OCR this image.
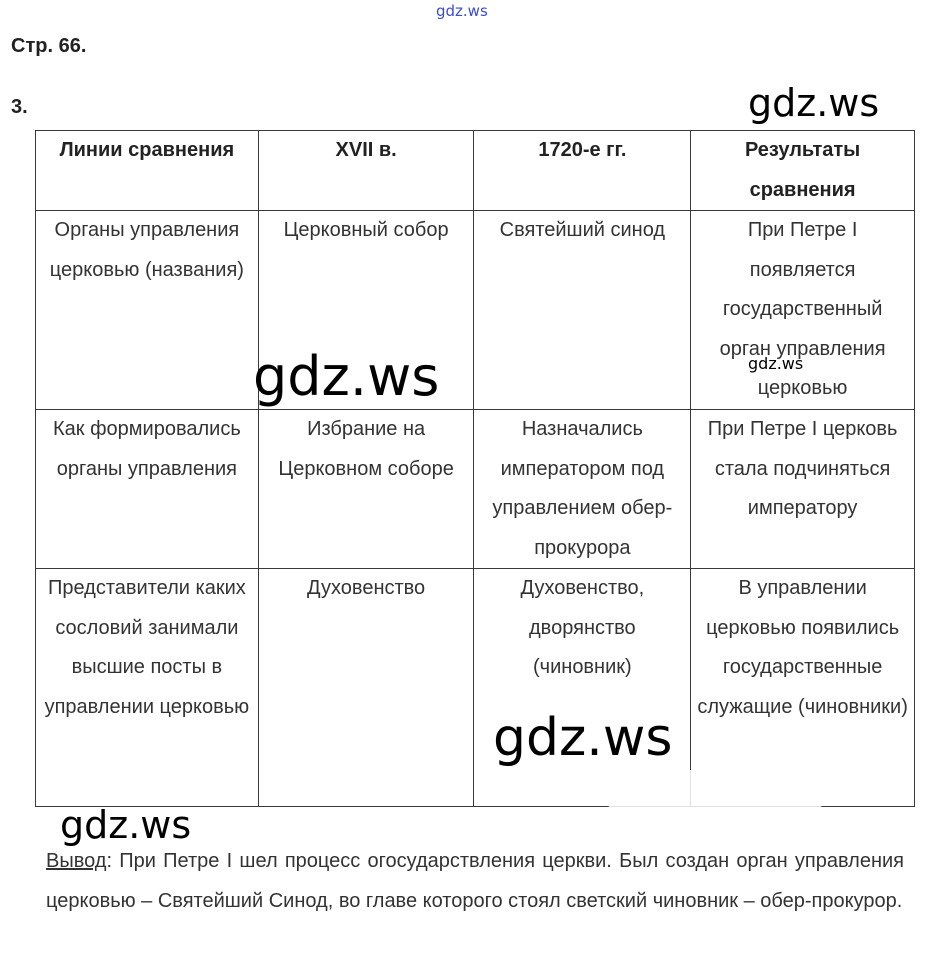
gdz.ws
Стр. 66.
3.
Линии сравнения	XVII в.	1720-е гг.	Результаты сравнения
Органы управления церковью (названия)	Церковный собор	Святейший синод	При Петре I появляется государственный орган управления церковью
Как формировались органы управления	Избрание на Церковном соборе	Назначались императором под управлением обер-прокурора	При Петре I церковь стала подчиняться императору
Представители каких сословий занимали высшие посты в управлении церковью	Духовенство	Духовенство, дворянство (чиновник)	В управлении церковью появились государственные служащие (чиновники)
Вывод: При Петре I шел процесс огосударствления церкви. Был создан орган управления церковью – Святейший Синод, во главе которого стоял светский чиновник – обер-прокурор.
gdz.ws
gdz.ws	gdz.ws
gdz.ws
gdz.ws
